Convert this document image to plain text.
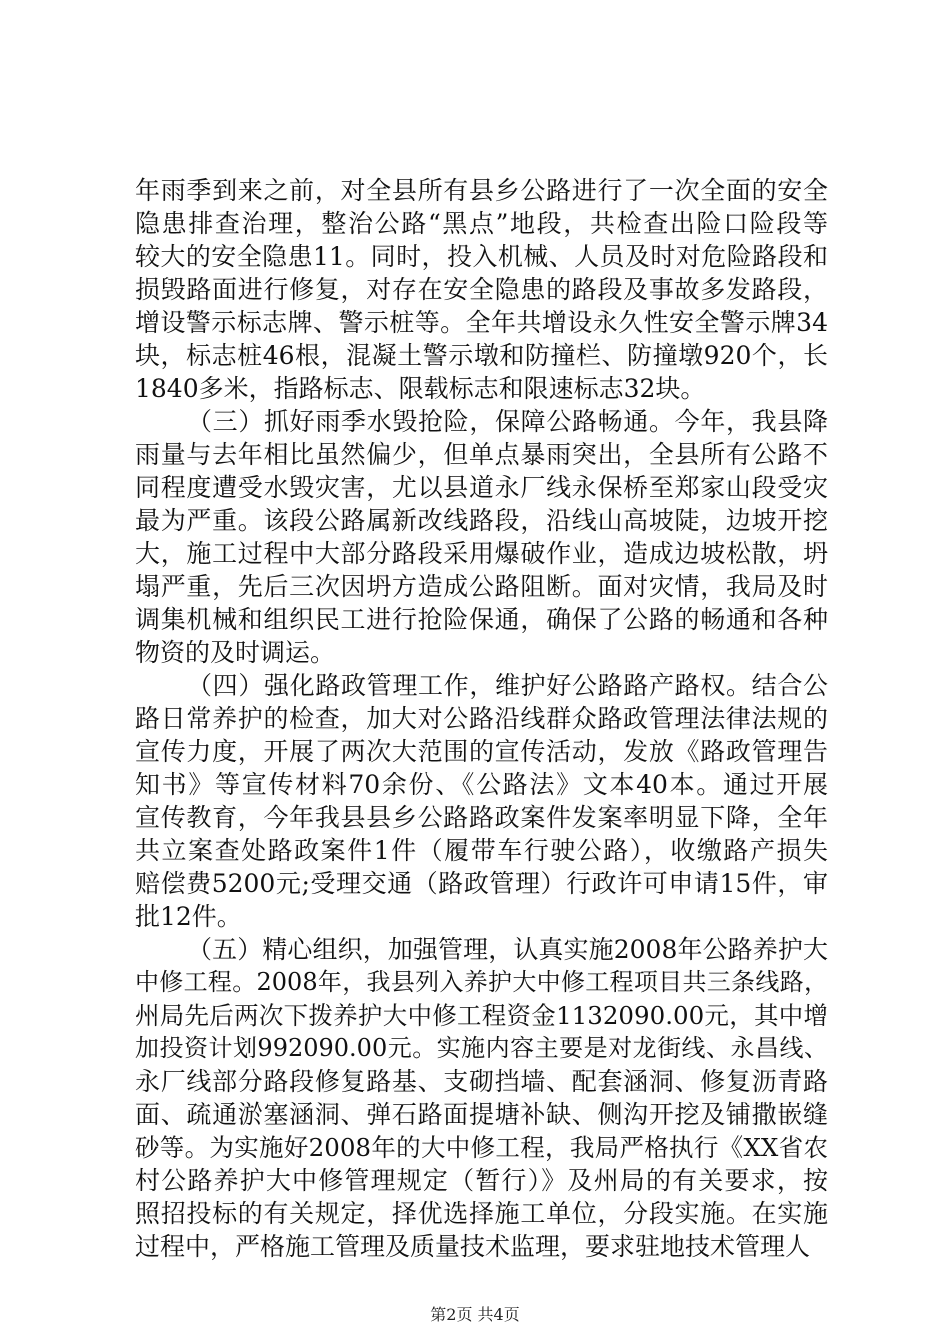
年雨季到来之前，对全县所有县乡公路进行了一次全面的安全
隐患排查治理，整治公路“黑点”地段，共检查出险口险段等
较大的安全隐患11。同时，投入机械、人员及时对危险路段和
损毁路面进行修复，对存在安全隐患的路段及事故多发路段，
增设警示标志牌、警示桩等。全年共增设永久性安全警示牌34
块，标志桩46根，混凝土警示墩和防撞栏、防撞墩920个，长
1840多米，指路标志、限载标志和限速标志32块。
（三）抓好雨季水毁抢险，保障公路畅通。今年，我县降
雨量与去年相比虽然偏少，但单点暴雨突出，全县所有公路不
同程度遭受水毁灾害，尤以县道永厂线永保桥至郑家山段受灾
最为严重。该段公路属新改线路段，沿线山高坡陡，边坡开挖
大，施工过程中大部分路段采用爆破作业，造成边坡松散，坍
塌严重，先后三次因坍方造成公路阻断。面对灾情，我局及时
调集机械和组织民工进行抢险保通，确保了公路的畅通和各种
物资的及时调运。
（四）强化路政管理工作，维护好公路路产路权。结合公
路日常养护的检查，加大对公路沿线群众路政管理法律法规的
宣传力度，开展了两次大范围的宣传活动，发放《路政管理告
知书》等宣传材料70余份、《公路法》文本40本。通过开展
宣传教育，今年我县县乡公路路政案件发案率明显下降，全年
共立案查处路政案件1件（履带车行驶公路），收缴路产损失
赔偿费5200元;受理交通（路政管理）行政许可申请15件，审
批12件。
（五）精心组织，加强管理，认真实施2008年公路养护大
中修工程。2008年，我县列入养护大中修工程项目共三条线路，
州局先后两次下拨养护大中修工程资金1132090.00元，其中增
加投资计划992090.00元。实施内容主要是对龙街线、永昌线、
永厂线部分路段修复路基、支砌挡墙、配套涵洞、修复沥青路
面、疏通淤塞涵洞、弹石路面提塘补缺、侧沟开挖及铺撒嵌缝
砂等。为实施好2008年的大中修工程，我局严格执行《XX省农
村公路养护大中修管理规定（暂行）》及州局的有关要求，按
照招投标的有关规定，择优选择施工单位，分段实施。在实施
过程中，严格施工管理及质量技术监理，要求驻地技术管理人
第2页 共4页
